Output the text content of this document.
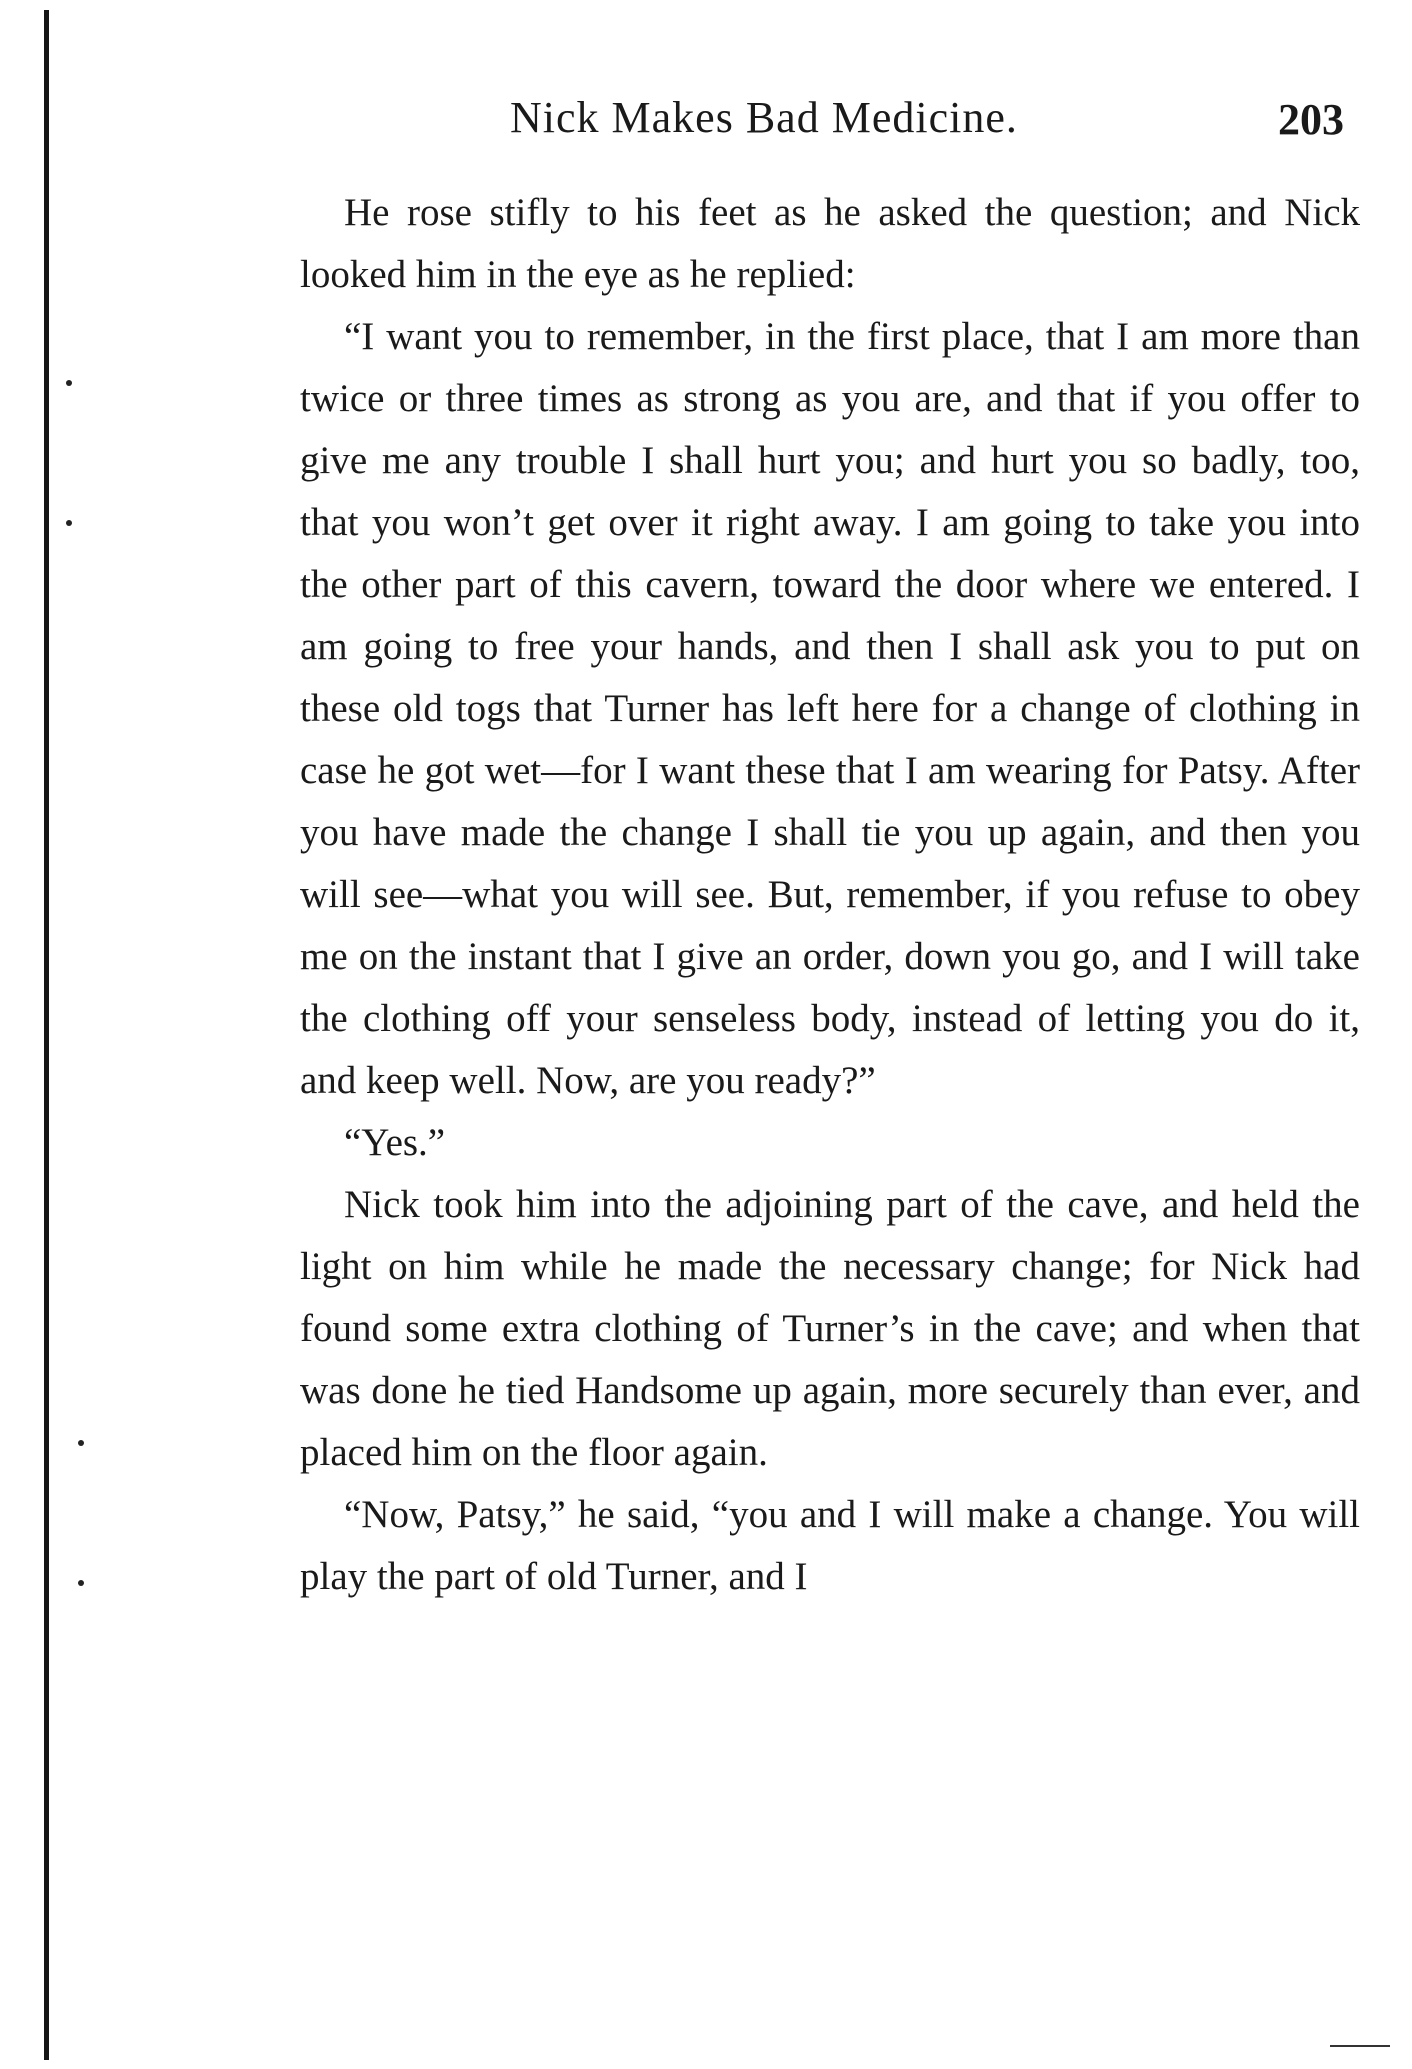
Nick Makes Bad Medicine.	203

He rose stifly to his feet as he asked the question; and Nick looked him in the eye as he replied:

“I want you to remember, in the first place, that I am more than twice or three times as strong as you are, and that if you offer to give me any trouble I shall hurt you; and hurt you so badly, too, that you won’t get over it right away. I am going to take you into the other part of this cavern, toward the door where we entered. I am going to free your hands, and then I shall ask you to put on these old togs that Turner has left here for a change of clothing in case he got wet—for I want these that I am wearing for Patsy. After you have made the change I shall tie you up again, and then you will see—what you will see. But, remember, if you refuse to obey me on the instant that I give an order, down you go, and I will take the clothing off your senseless body, instead of letting you do it, and keep well. Now, are you ready?”

“Yes.”

Nick took him into the adjoining part of the cave, and held the light on him while he made the necessary change; for Nick had found some extra clothing of Turner’s in the cave; and when that was done he tied Handsome up again, more securely than ever, and placed him on the floor again.

“Now, Patsy,” he said, “you and I will make a change. You will play the part of old Turner, and I
